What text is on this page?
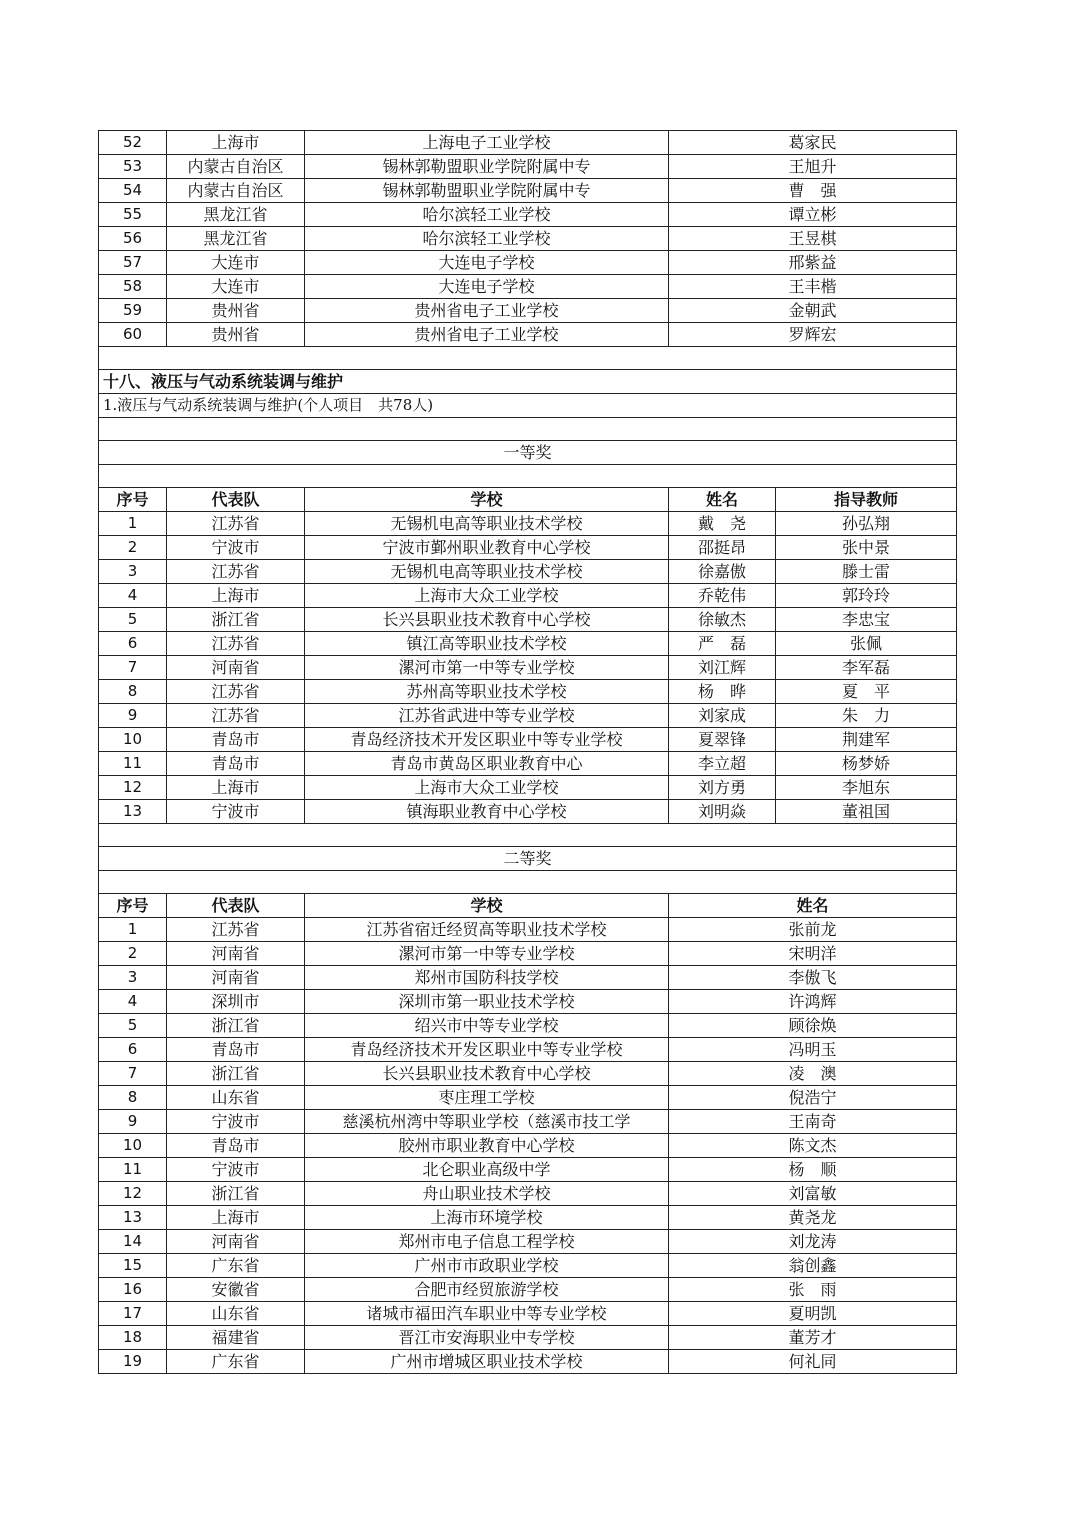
52	上海市	上海电子工业学校	葛家民	
53	内蒙古自治区	锡林郭勒盟职业学院附属中专	王旭升	
54	内蒙古自治区	锡林郭勒盟职业学院附属中专	曹　强	
55	黑龙江省	哈尔滨轻工业学校	谭立彬	
56	黑龙江省	哈尔滨轻工业学校	王昱棋	
57	大连市	大连电子学校	邢紫益	
58	大连市	大连电子学校	王丰楷	
59	贵州省	贵州省电子工业学校	金朝武	
60	贵州省	贵州省电子工业学校	罗辉宏	

十八、液压与气动系统装调与维护				
1.液压与气动系统装调与维护(个人项目　共78人)				

一等奖				

序号	代表队	学校	姓名	指导教师
1	江苏省	无锡机电高等职业技术学校	戴　尧	孙弘翔
2	宁波市	宁波市鄞州职业教育中心学校	邵挺昂	张中景
3	江苏省	无锡机电高等职业技术学校	徐嘉傲	滕士雷
4	上海市	上海市大众工业学校	乔乾伟	郭玲玲
5	浙江省	长兴县职业技术教育中心学校	徐敏杰	李忠宝
6	江苏省	镇江高等职业技术学校	严　磊	张佩
7	河南省	漯河市第一中等专业学校	刘江辉	李军磊
8	江苏省	苏州高等职业技术学校	杨　晔	夏　平
9	江苏省	江苏省武进中等专业学校	刘家成	朱　力
10	青岛市	青岛经济技术开发区职业中等专业学校	夏翠锋	荆建军
11	青岛市	青岛市黄岛区职业教育中心	李立超	杨梦娇
12	上海市	上海市大众工业学校	刘方勇	李旭东
13	宁波市	镇海职业教育中心学校	刘明焱	董祖国

二等奖				

序号	代表队	学校	姓名	
1	江苏省	江苏省宿迁经贸高等职业技术学校	张前龙	
2	河南省	漯河市第一中等专业学校	宋明洋	
3	河南省	郑州市国防科技学校	李傲飞	
4	深圳市	深圳市第一职业技术学校	许鸿辉	
5	浙江省	绍兴市中等专业学校	顾徐焕	
6	青岛市	青岛经济技术开发区职业中等专业学校	冯明玉	
7	浙江省	长兴县职业技术教育中心学校	凌　澳	
8	山东省	枣庄理工学校	倪浩宁	
9	宁波市	慈溪杭州湾中等职业学校（慈溪市技工学	王南奇	
10	青岛市	胶州市职业教育中心学校	陈文杰	
11	宁波市	北仑职业高级中学	杨　顺	
12	浙江省	舟山职业技术学校	刘富敏	
13	上海市	上海市环境学校	黄尧龙	
14	河南省	郑州市电子信息工程学校	刘龙涛	
15	广东省	广州市市政职业学校	翁创鑫	
16	安徽省	合肥市经贸旅游学校	张　雨	
17	山东省	诸城市福田汽车职业中等专业学校	夏明凯	
18	福建省	晋江市安海职业中专学校	董芳才	
19	广东省	广州市增城区职业技术学校	何礼同	
